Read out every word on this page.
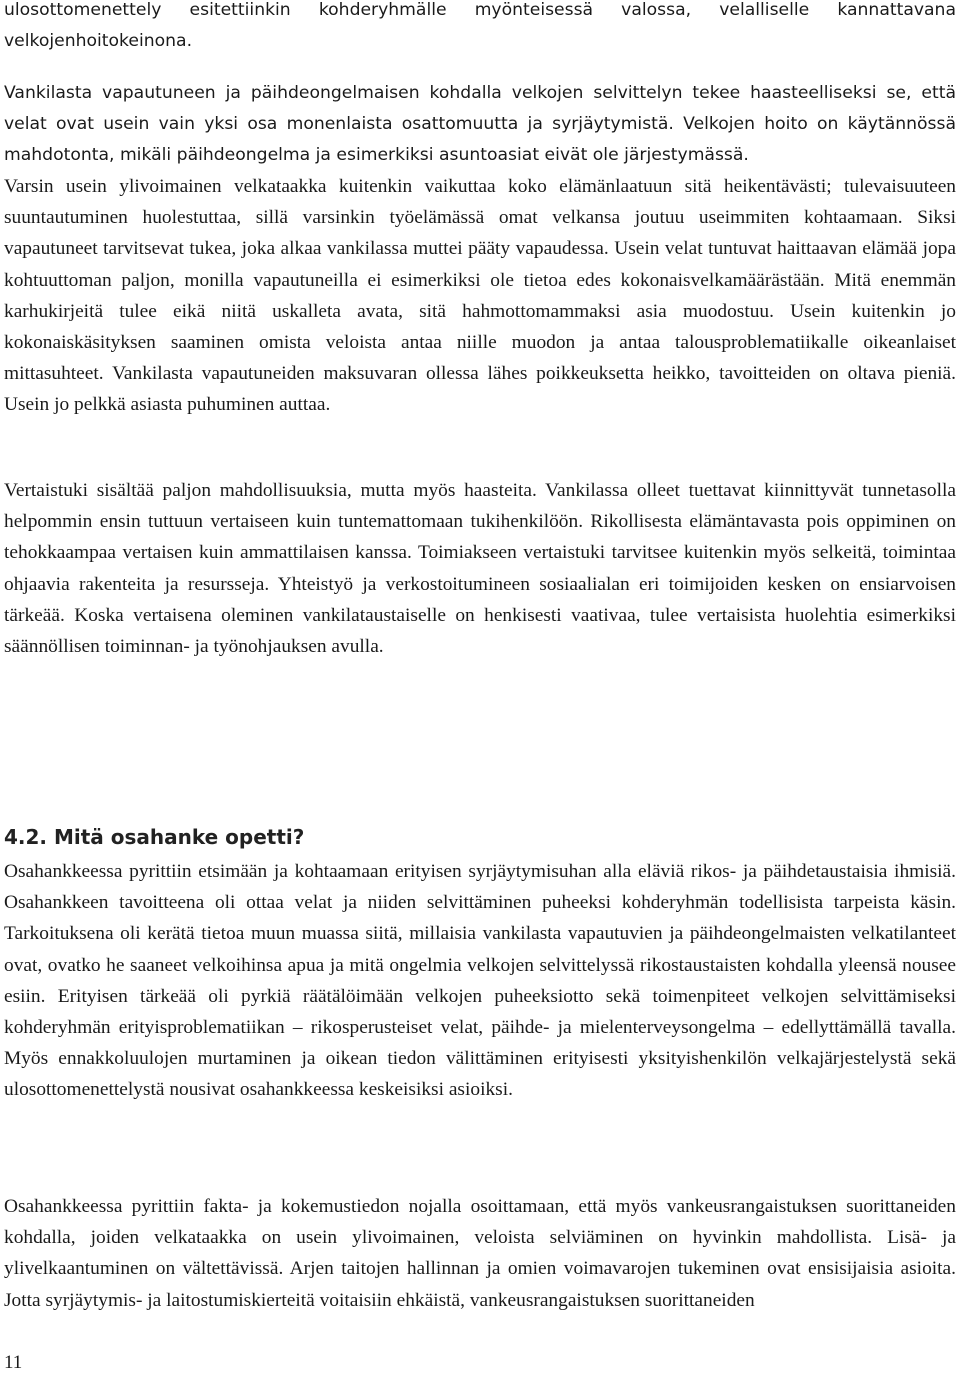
ulosottomenettely esitettiinkin kohderyhmälle myönteisessä valossa, velalliselle kannattavana velkojenhoitokeinona.

Vankilasta vapautuneen ja päihdeongelmaisen kohdalla velkojen selvittelyn tekee haasteelliseksi se, että velat ovat usein vain yksi osa monenlaista osattomuutta ja syrjäytymistä. Velkojen hoito on käytännössä mahdotonta, mikäli päihdeongelma ja esimerkiksi asuntoasiat eivät ole järjestymässä.

Varsin usein ylivoimainen velkataakka kuitenkin vaikuttaa koko elämänlaatuun sitä heikentävästi; tulevaisuuteen suuntautuminen huolestuttaa, sillä varsinkin työelämässä omat velkansa joutuu useimmiten kohtaamaan. Siksi vapautuneet tarvitsevat tukea, joka alkaa vankilassa muttei pääty vapaudessa. Usein velat tuntuvat haittaavan elämää jopa kohtuuttoman paljon, monilla vapautuneilla ei esimerkiksi ole tietoa edes kokonaisvelkamäärästään. Mitä enemmän karhukirjeitä tulee eikä niitä uskalleta avata, sitä hahmottomammaksi asia muodostuu. Usein kuitenkin jo kokonaiskäsityksen saaminen omista veloista antaa niille muodon ja antaa talousproblematiikalle oikeanlaiset mittasuhteet. Vankilasta vapautuneiden maksuvaran ollessa lähes poikkeuksetta heikko, tavoitteiden on oltava pieniä. Usein jo pelkkä asiasta puhuminen auttaa.

Vertaistuki sisältää paljon mahdollisuuksia, mutta myös haasteita. Vankilassa olleet tuettavat kiinnittyvät tunnetasolla helpommin ensin tuttuun vertaiseen kuin tuntemattomaan tukihenkilöön. Rikollisesta elämäntavasta pois oppiminen on tehokkaampaa vertaisen kuin ammattilaisen kanssa. Toimiakseen vertaistuki tarvitsee kuitenkin myös selkeitä, toimintaa ohjaavia rakenteita ja resursseja. Yhteistyö ja verkostoitumineen sosiaalialan eri toimijoiden kesken on ensiarvoisen tärkeää. Koska vertaisena oleminen vankilataustaiselle on henkisesti vaativaa, tulee vertaisista huolehtia esimerkiksi säännöllisen toiminnan- ja työnohjauksen avulla.

4.2. Mitä osahanke opetti?

Osahankkeessa pyrittiin etsimään ja kohtaamaan erityisen syrjäytymisuhan alla eläviä rikos- ja päihdetaustaisia ihmisiä. Osahankkeen tavoitteena oli ottaa velat ja niiden selvittäminen puheeksi kohderyhmän todellisista tarpeista käsin. Tarkoituksena oli kerätä tietoa muun muassa siitä, millaisia vankilasta vapautuvien ja päihdeongelmaisten velkatilanteet ovat, ovatko he saaneet velkoihinsa apua ja mitä ongelmia velkojen selvittelyssä rikostaustaisten kohdalla yleensä nousee esiin. Erityisen tärkeää oli pyrkiä räätälöimään velkojen puheeksiotto sekä toimenpiteet velkojen selvittämiseksi kohderyhmän erityisproblematiikan – rikosperusteiset velat, päihde- ja mielenterveysongelma – edellyttämällä tavalla. Myös ennakkoluulojen murtaminen ja oikean tiedon välittäminen erityisesti yksityishenkilön velkajärjestelystä sekä ulosottomenettelystä nousivat osahankkeessa keskeisiksi asioiksi.

Osahankkeessa pyrittiin fakta- ja kokemustiedon nojalla osoittamaan, että myös vankeusrangaistuksen suorittaneiden kohdalla, joiden velkataakka on usein ylivoimainen, veloista selviäminen on hyvinkin mahdollista. Lisä- ja ylivelkaantuminen on vältettävissä. Arjen taitojen hallinnan ja omien voimavarojen tukeminen ovat ensisijaisia asioita. Jotta syrjäytymis- ja laitostumiskierteitä voitaisiin ehkäistä, vankeusrangaistuksen suorittaneiden

11
